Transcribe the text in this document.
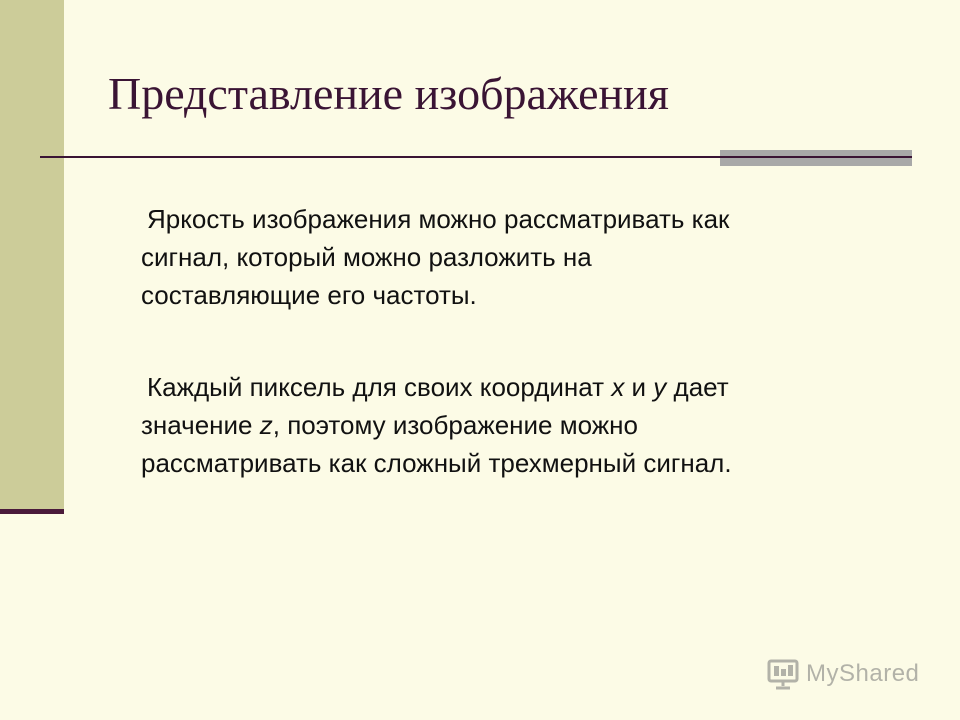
Представление изображения
Яркость изображения можно рассматривать как
сигнал, который можно разложить на
составляющие его частоты.
Каждый пиксель для своих координат x и y дает
значение z, поэтому изображение можно
рассматривать как сложный трехмерный сигнал.
MyShared
